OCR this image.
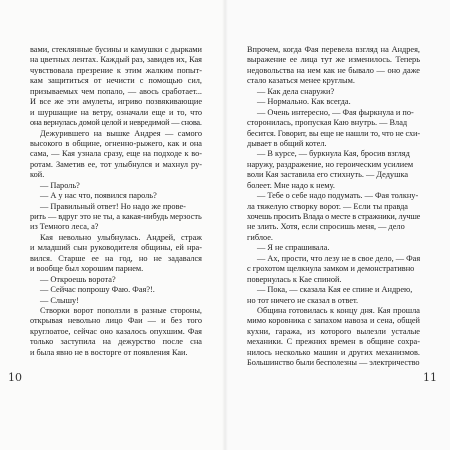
вами, стеклянные бусины и камушки с дырками
на цветных лентах. Каждый раз, завидев их, Кая
чувствовала презрение к этим жалким попыт-
кам защититься от нечисти с помощью сил,
призываемых чем попало, — авось сработает...
И все же эти амулеты, игриво позвякивающие
и шуршащие на ветру, означали еще и то, что
она вернулась домой целой и невредимой — снова.
Дежурившего на вышке Андрея — самого
высокого в общине, огненно-рыжего, как и она
сама, — Кая узнала сразу, еще на подходе к во-
ротам. Заметив ее, тот улыбнулся и махнул ру-
кой.
— Пароль?
— А у нас что, появился пароль?
— Правильный ответ! Но надо же прове-
рить — вдруг это не ты, а какая-нибудь мерзость
из Темного леса, а?
Кая невольно улыбнулась. Андрей, страж
и младший сын руководителя общины, ей нра-
вился. Старше ее на год, но не задавался
и вообще был хорошим парнем.
— Откроешь ворота?
— Сейчас попрошу Фаю. Фая?!.
— Слышу!
Створки ворот поползли в разные стороны,
открывая невольно лицо Фаи — и без того
круглоатое, сейчас оно казалось опухшим. Фая
только заступила на дежурство после сна
и была явно не в восторге от появления Каи.
10
Впрочем, когда Фая перевела взгляд на Андрея,
выражение ее лица тут же изменилось. Теперь
недовольства на нем как не бывало — оно даже
стало казаться менее круглым.
— Как дела снаружи?
— Нормально. Как всегда.
— Очень интересно, — Фая фыркнула и по-
сторонилась, пропуская Каю внутрь. — Влад
бесится. Говорит, вы еще не нашли то, что не схи-
дывает в общий котел.
— В курсе, — буркнула Кая, бросив взгляд
наружу, раздражение, но героическим усилием
воли Кая заставила его стихнуть. — Дедушка
болеет. Мне надо к нему.
— Тебе о себе надо подумать. — Фая толкну-
ла тяжелую створку ворот. — Если ты правда
хочешь просить Влада о месте в стражники, лучше
не злить. Хотя, если спросишь меня, — дело
гиблое.
— Я не спрашивала.
— Ах, прости, что лезу не в свое дело, — Фая
с грохотом щелкнула замком и демонстративно
повернулась к Кае спиной.
— Пока, — сказала Кая ее спине и Андрею,
но тот ничего не сказал в ответ.
Община готовилась к концу дня. Кая прошла
мимо коровника с запахом навоза и сена, общей
кухни, гаража, из которого вылезли усталые
механики. С прежних времен в общине сохра-
нилось несколько машин и других механизмов.
Большинство были бесполезны — электричество
11
